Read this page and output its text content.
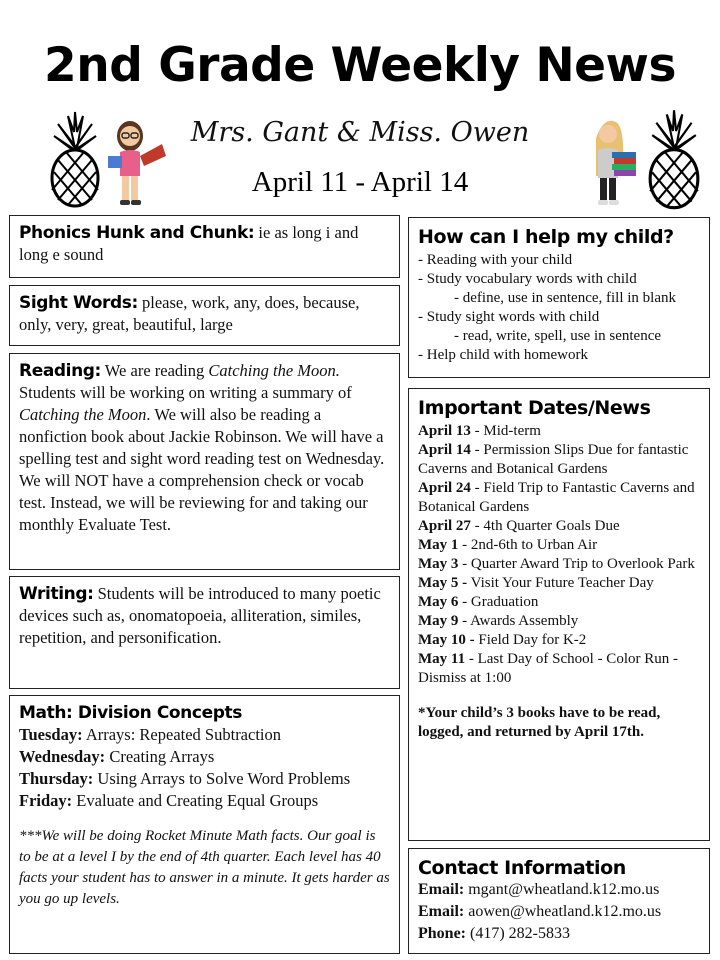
2nd Grade Weekly News
Mrs. Gant & Miss. Owen
April 11 - April 14
Phonics Hunk and Chunk: ie as long i and long e sound
Sight Words: please, work, any, does, because, only, very, great, beautiful, large
Reading: We are reading Catching the Moon. Students will be working on writing a summary of Catching the Moon. We will also be reading a nonfiction book about Jackie Robinson. We will have a spelling test and sight word reading test on Wednesday. We will NOT have a comprehension check or vocab test. Instead, we will be reviewing for and taking our monthly Evaluate Test.
Writing: Students will be introduced to many poetic devices such as, onomatopoeia, alliteration, similes, repetition, and personification.
Math: Division Concepts
Tuesday: Arrays: Repeated Subtraction
Wednesday: Creating Arrays
Thursday: Using Arrays to Solve Word Problems
Friday: Evaluate and Creating Equal Groups
***We will be doing Rocket Minute Math facts. Our goal is to be at a level I by the end of 4th quarter. Each level has 40 facts your student has to answer in a minute. It gets harder as you go up levels.
How can I help my child?
- Reading with your child
- Study vocabulary words with child
- define, use in sentence, fill in blank
- Study sight words with child
- read, write, spell, use in sentence
- Help child with homework
Important Dates/News
April 13 - Mid-term
April 14 - Permission Slips Due for fantastic Caverns and Botanical Gardens
April 24 - Field Trip to Fantastic Caverns and Botanical Gardens
April 27 - 4th Quarter Goals Due
May 1 - 2nd-6th to Urban Air
May 3 - Quarter Award Trip to Overlook Park
May 5 - Visit Your Future Teacher Day
May 6 - Graduation
May 9 - Awards Assembly
May 10 - Field Day for K-2
May 11 - Last Day of School - Color Run - Dismiss at 1:00
*Your child’s 3 books have to be read, logged, and returned by April 17th.
Contact Information
Email: mgant@wheatland.k12.mo.us
Email: aowen@wheatland.k12.mo.us
Phone: (417) 282-5833
